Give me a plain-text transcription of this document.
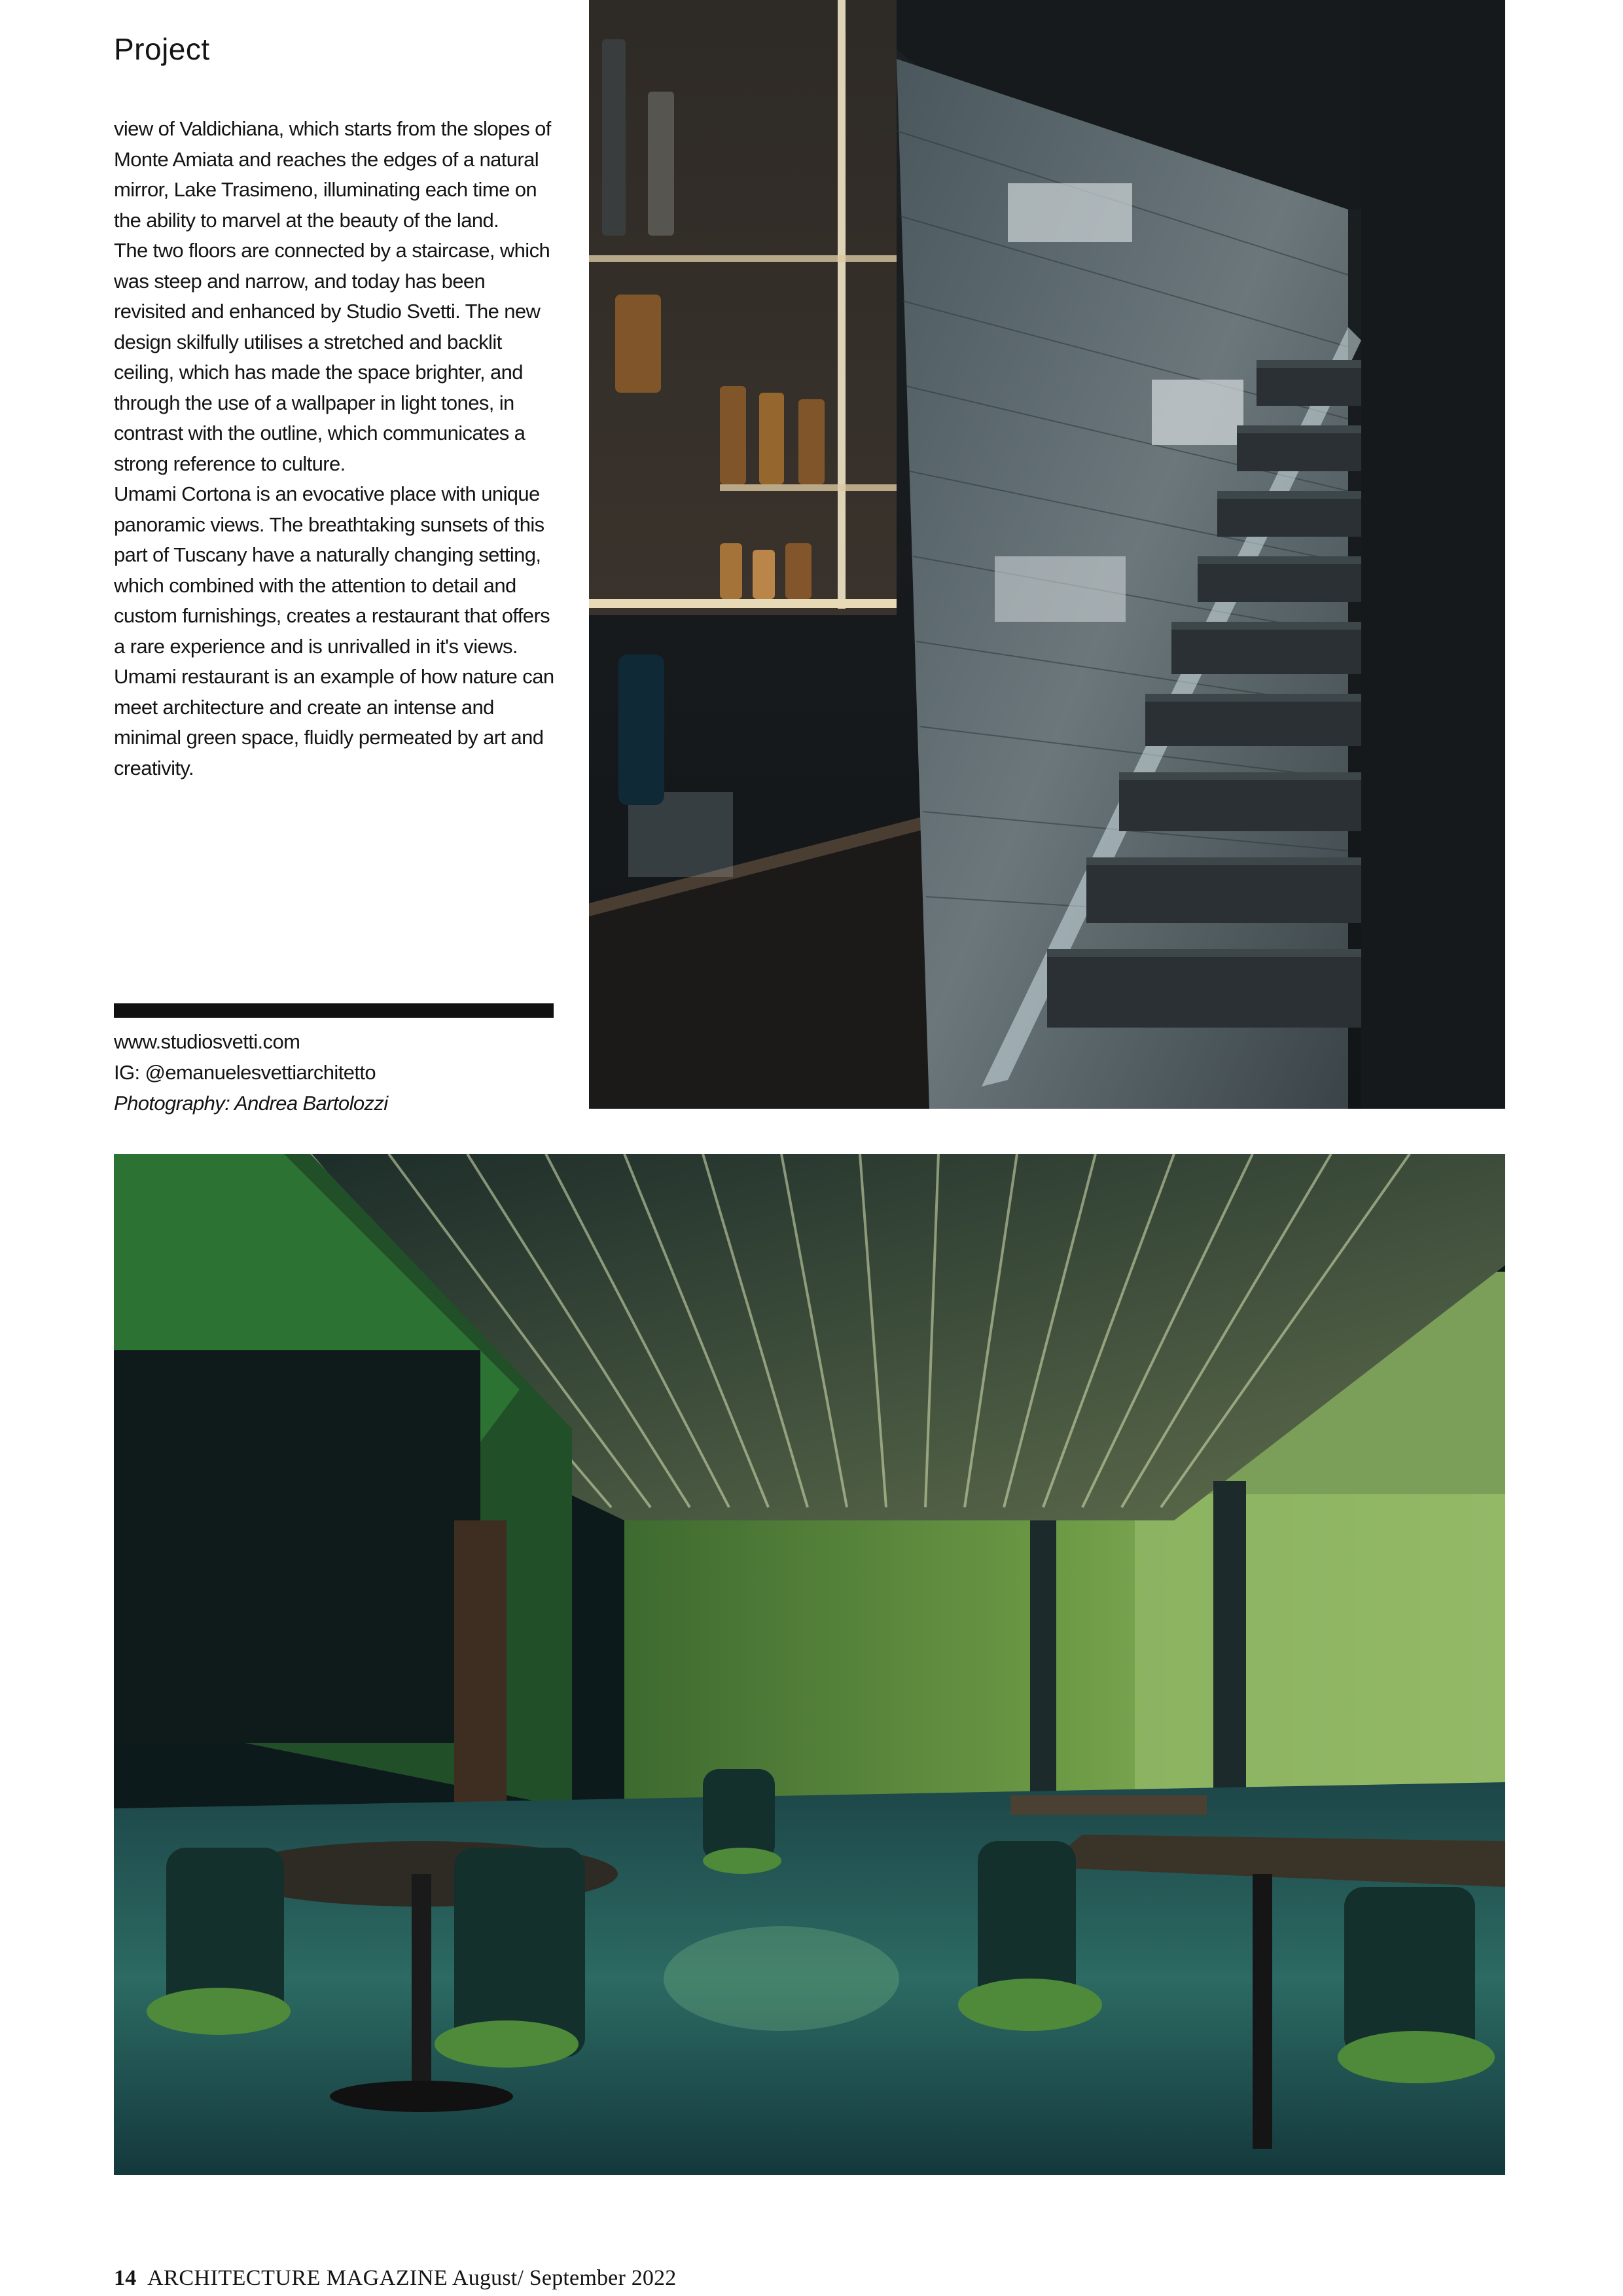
Project

view of Valdichiana, which starts from the slopes of Monte Amiata and reaches the edges of a natural mirror, Lake Trasimeno, illuminating each time on the ability to marvel at the beauty of the land.

The two floors are connected by a staircase, which was steep and narrow, and today has been revisited and enhanced by Studio Svetti. The new design skilfully utilises a stretched and backlit ceiling, which has made the space brighter, and through the use of a wallpaper in light tones, in contrast with the outline, which communicates a strong reference to culture.

Umami Cortona is an evocative place with unique panoramic views. The breathtaking sunsets of this part of Tuscany have a naturally changing setting, which combined with the attention to detail and custom furnishings, creates a restaurant that offers a rare experience and is unrivalled in it's views. Umami restaurant is an example of how nature can meet architecture and create an intense and minimal green space, fluidly permeated by art and creativity.

www.studiosvetti.com
IG: @emanuelesvettiarchitetto
Photography: Andrea Bartolozzi
14 ARCHITECTURE MAGAZINE August/ September 2022
